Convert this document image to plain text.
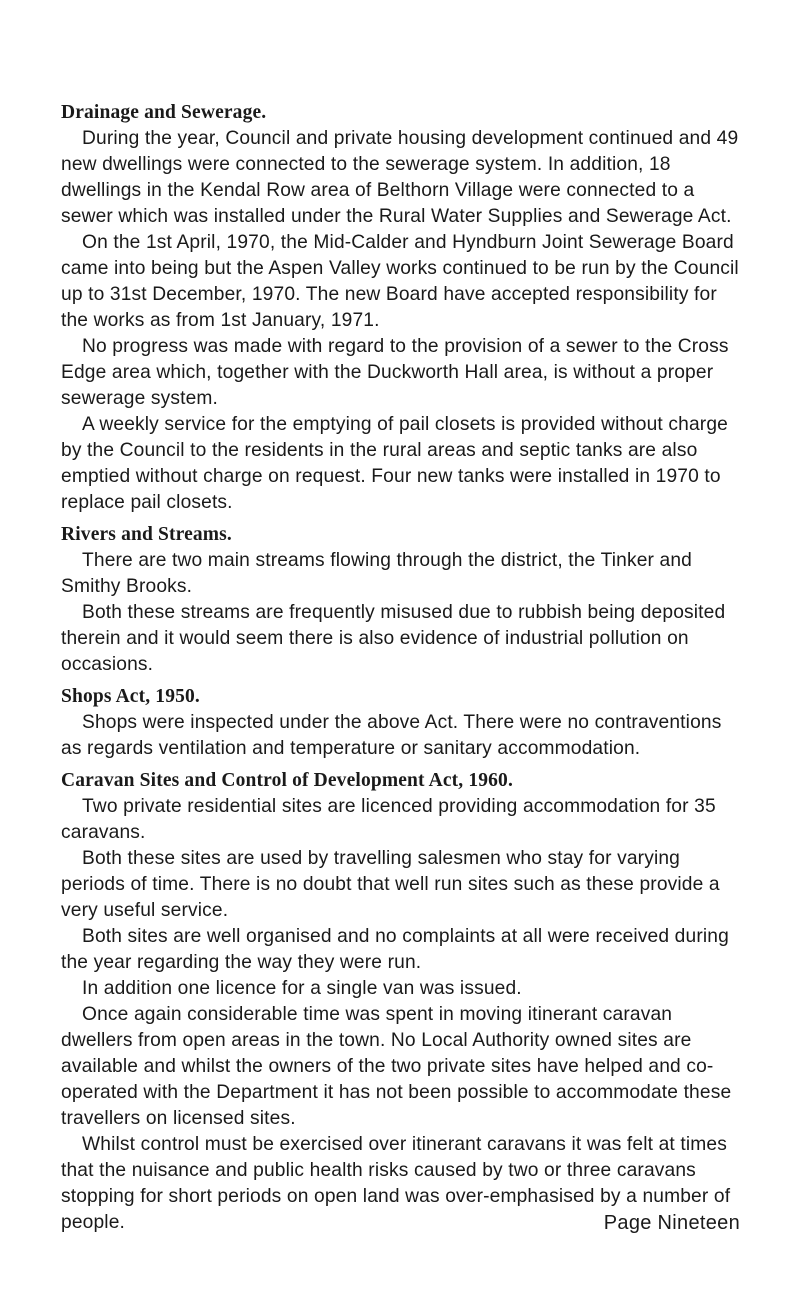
Drainage and Sewerage.

During the year, Council and private housing development continued and 49 new dwellings were connected to the sewerage system. In addition, 18 dwellings in the Kendal Row area of Belthorn Village were connected to a sewer which was installed under the Rural Water Supplies and Sewerage Act.

On the 1st April, 1970, the Mid-Calder and Hyndburn Joint Sewerage Board came into being but the Aspen Valley works continued to be run by the Council up to 31st December, 1970. The new Board have accepted responsibility for the works as from 1st January, 1971.

No progress was made with regard to the provision of a sewer to the Cross Edge area which, together with the Duckworth Hall area, is without a proper sewerage system.

A weekly service for the emptying of pail closets is provided without charge by the Council to the residents in the rural areas and septic tanks are also emptied without charge on request. Four new tanks were installed in 1970 to replace pail closets.

Rivers and Streams.

There are two main streams flowing through the district, the Tinker and Smithy Brooks.

Both these streams are frequently misused due to rubbish being deposited therein and it would seem there is also evidence of industrial pollution on occasions.

Shops Act, 1950.

Shops were inspected under the above Act. There were no contraventions as regards ventilation and temperature or sanitary accommodation.

Caravan Sites and Control of Development Act, 1960.

Two private residential sites are licenced providing accommodation for 35 caravans.

Both these sites are used by travelling salesmen who stay for varying periods of time. There is no doubt that well run sites such as these provide a very useful service.

Both sites are well organised and no complaints at all were received during the year regarding the way they were run.

In addition one licence for a single van was issued.

Once again considerable time was spent in moving itinerant caravan dwellers from open areas in the town. No Local Authority owned sites are available and whilst the owners of the two private sites have helped and co-operated with the Department it has not been possible to accommodate these travellers on licensed sites.

Whilst control must be exercised over itinerant caravans it was felt at times that the nuisance and public health risks caused by two or three caravans stopping for short periods on open land was over-emphasised by a number of people.	Page Nineteen
